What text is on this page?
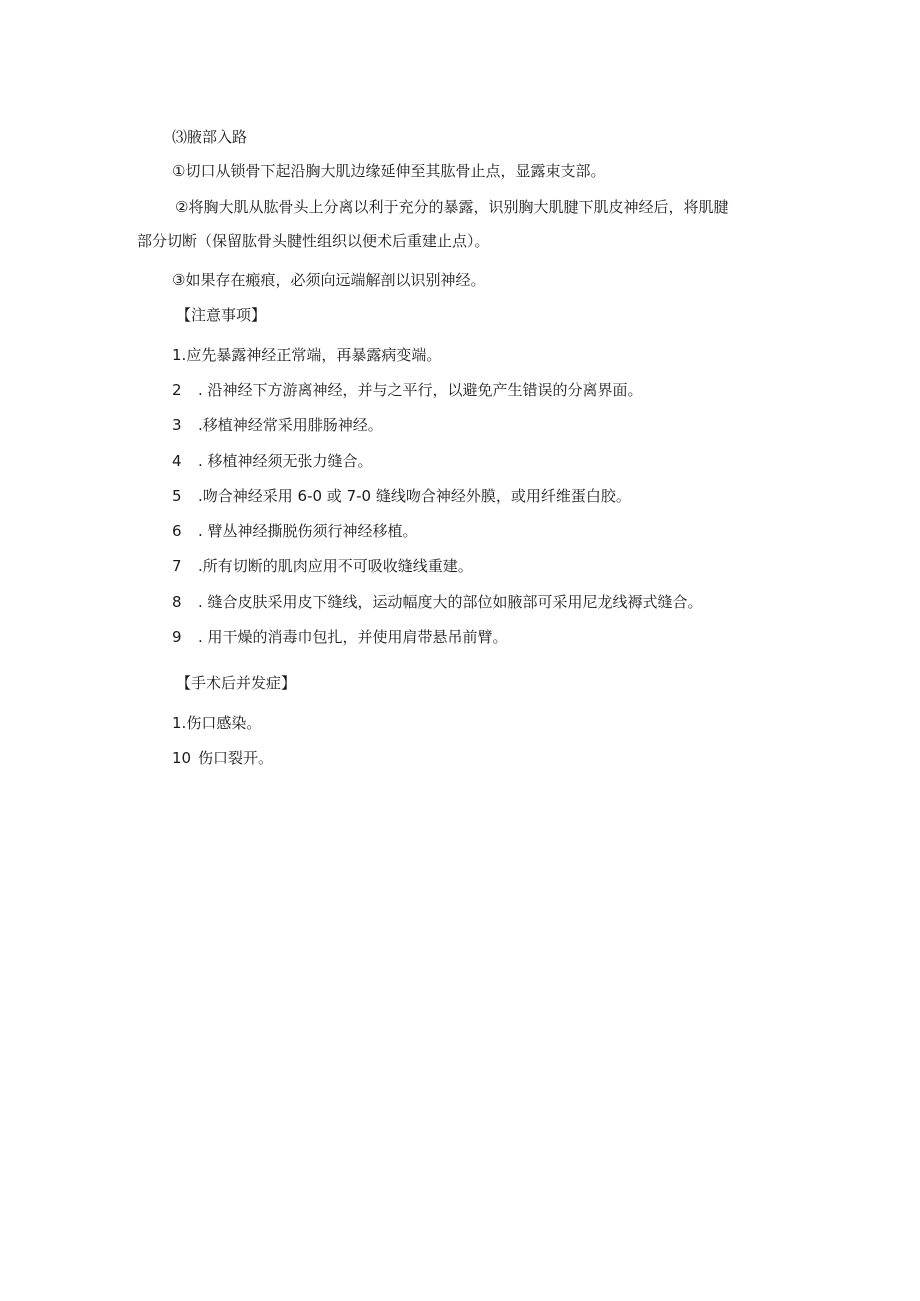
⑶腋部入路
①切口从锁骨下起沿胸大肌边缘延伸至其肱骨止点，显露束支部。
②将胸大肌从肱骨头上分离以利于充分的暴露，识别胸大肌腱下肌皮神经后，将肌腱
部分切断（保留肱骨头腱性组织以便术后重建止点）。
③如果存在瘢痕，必须向远端解剖以识别神经。
【注意事项】
1.应先暴露神经正常端，再暴露病变端。
2 . 沿神经下方游离神经，并与之平行，以避免产生错误的分离界面。
3 .移植神经常采用腓肠神经。
4 . 移植神经须无张力缝合。
5 .吻合神经采用 6-0 或 7-0 缝线吻合神经外膜，或用纤维蛋白胶。
6 . 臂丛神经撕脱伤须行神经移植。
7 .所有切断的肌肉应用不可吸收缝线重建。
8 . 缝合皮肤采用皮下缝线，运动幅度大的部位如腋部可采用尼龙线褥式缝合。
9 . 用干燥的消毒巾包扎，并使用肩带悬吊前臂。
【手术后并发症】
1.伤口感染。
10 伤口裂开。
